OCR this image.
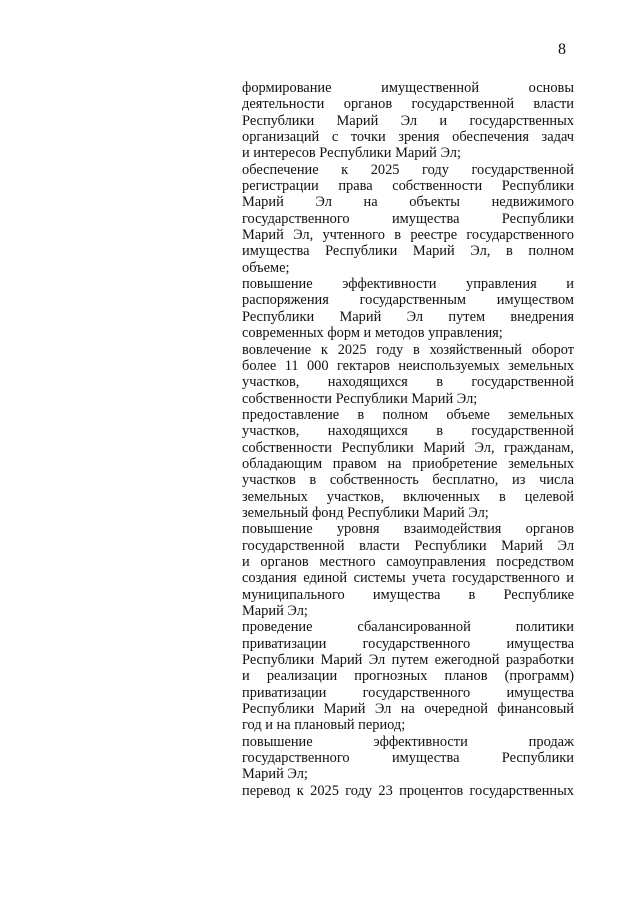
8
формирование имущественной основы
деятельности органов государственной власти
Республики Марий Эл и государственных
организаций с точки зрения обеспечения задач
и интересов Республики Марий Эл;
обеспечение к 2025 году государственной
регистрации права собственности Республики
Марий Эл на объекты недвижимого
государственного имущества Республики
Марий Эл, учтенного в реестре государственного
имущества Республики Марий Эл, в полном
объеме;
повышение эффективности управления и
распоряжения государственным имуществом
Республики Марий Эл путем внедрения
современных форм и методов управления;
вовлечение к 2025 году в хозяйственный оборот
более 11 000 гектаров неиспользуемых земельных
участков, находящихся в государственной
собственности Республики Марий Эл;
предоставление в полном объеме земельных
участков, находящихся в государственной
собственности Республики Марий Эл, гражданам,
обладающим правом на приобретение земельных
участков в собственность бесплатно, из числа
земельных участков, включенных в целевой
земельный фонд Республики Марий Эл;
повышение уровня взаимодействия органов
государственной власти Республики Марий Эл
и органов местного самоуправления посредством
создания единой системы учета государственного и
муниципального имущества в Республике
Марий Эл;
проведение сбалансированной политики
приватизации государственного имущества
Республики Марий Эл путем ежегодной разработки
и реализации прогнозных планов (программ)
приватизации государственного имущества
Республики Марий Эл на очередной финансовый
год и на плановый период;
повышение эффективности продаж
государственного имущества Республики
Марий Эл;
перевод к 2025 году 23 процентов государственных
